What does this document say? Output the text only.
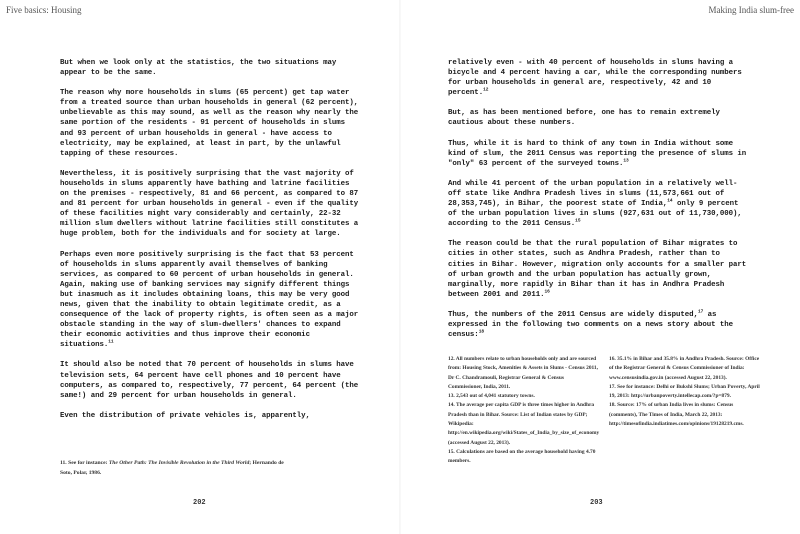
Five basics: Housing

But when we look only at the statistics, the two situations may appear to be the same.

The reason why more households in slums (65 percent) get tap water from a treated source than urban households in general (62 percent), unbelievable as this may sound, as well as the reason why nearly the same portion of the residents - 91 percent of households in slums and 93 percent of urban households in general - have access to electricity, may be explained, at least in part, by the unlawful tapping of these resources.

Nevertheless, it is positively surprising that the vast majority of households in slums apparently have bathing and latrine facilities on the premises - respectively, 81 and 66 percent, as compared to 87 and 81 percent for urban households in general - even if the quality of these facilities might vary considerably and certainly, 22-32 million slum dwellers without latrine facilities still constitutes a huge problem, both for the individuals and for society at large.

Perhaps even more positively surprising is the fact that 53 percent of households in slums apparently avail themselves of banking services, as compared to 60 percent of urban households in general. Again, making use of banking services may signify different things but inasmuch as it includes obtaining loans, this may be very good news, given that the inability to obtain legitimate credit, as a consequence of the lack of property rights, is often seen as a major obstacle standing in the way of slum-dwellers' chances to expand their economic activities and thus improve their economic situations.$^{11}$

It should also be noted that 70 percent of households in slums have television sets, 64 percent have cell phones and 10 percent have computers, as compared to, respectively, 77 percent, 64 percent (the same!) and 29 percent for urban households in general.

Even the distribution of private vehicles is, apparently,

11. See for instance: The Other Path: The Invisible Revolution in the Third World; Hernando de Soto, Polar, 1986.
202
Making India slum-free

relatively even - with 40 percent of households in slums having a bicycle and 4 percent having a car, while the corresponding numbers for urban households in general are, respectively, 42 and 10 percent.$^{12}$

But, as has been mentioned before, one has to remain extremely cautious about these numbers.

Thus, while it is hard to think of any town in India without some kind of slum, the 2011 Census was reporting the presence of slums in "only" 63 percent of the surveyed towns.$^{13}$

And while 41 percent of the urban population in a relatively well-off state like Andhra Pradesh lives in slums (11,573,661 out of 28,353,745), in Bihar, the poorest state of India,$^{14}$ only 9 percent of the urban population lives in slums (927,631 out of 11,730,000), according to the 2011 Census.$^{15}$

The reason could be that the rural population of Bihar migrates to cities in other states, such as Andhra Pradesh, rather than to cities in Bihar. However, migration only accounts for a smaller part of urban growth and the urban population has actually grown, marginally, more rapidly in Bihar than it has in Andhra Pradesh between 2001 and 2011.16

Thus, the numbers of the 2011 Census are widely disputed,$^{17}$ as expressed in the following two comments on a news story about the census:$^{18}$

12. All numbers relate to urban households only and are sourced from: Housing Stock, Amenities & Assets in Slums - Census 2011, Dr C. Chandramouli, Registrar General & Census Commissioner, India, 2011.

13. 2,543 out of 4,041 statutory towns.

14. The average per capita GDP is three times higher in Andhra Pradesh than in Bihar. Source: List of Indian states by GDP; Wikipedia: http://en.wikipedia.org/wiki/States_of_India_by_size_of_economy (accessed August 22, 2013).

15. Calculations are based on the average household having 4.70 members.

16. 35.1% in Bihar and 35.8% in Andhra Pradesh. Source: Office of the Registrar General & Census Commissioner of India: www.censusindia.gov.in (accessed August 22, 2013).

17. See for instance: Delhi or Bukshi Slums; Urban Poverty, April 19, 2013: http://urbanpoverty.intellecap.com/?p=879.

18. Source: 17% of urban India lives in slums: Census (comments), The Times of India, March 22, 2013: http://timesofindia.indiatimes.com/opinions/19128219.cms.

203
